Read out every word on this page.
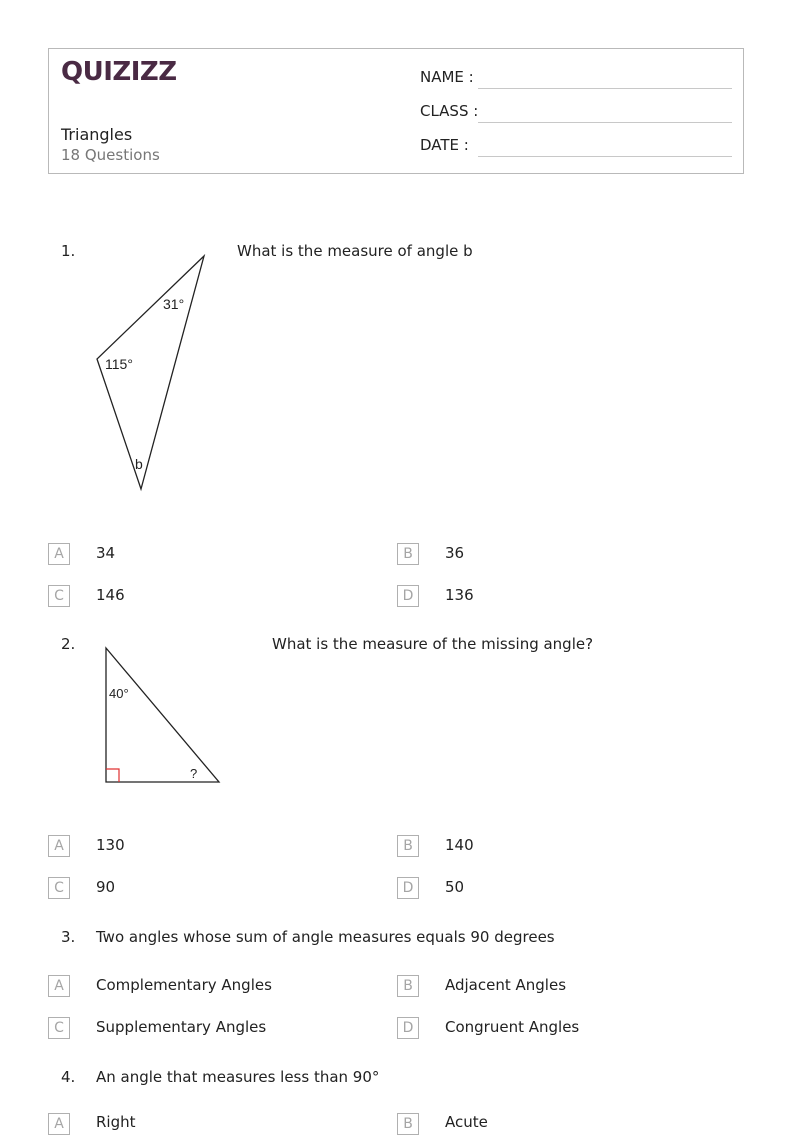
QUIZIZZ
Triangles
18 Questions
NAME :
CLASS :
DATE :
1.	What is the measure of angle b
31°
115°
b
A	34	B	36
C	146	D	136
2.	What is the measure of the missing angle?
40°
?
A	130	B	140
C	90	D	50
3. Two angles whose sum of angle measures equals 90 degrees
A	Complementary Angles	B	Adjacent Angles
C	Supplementary Angles	D	Congruent Angles
4. An angle that measures less than 90°
A	Right	B	Acute
